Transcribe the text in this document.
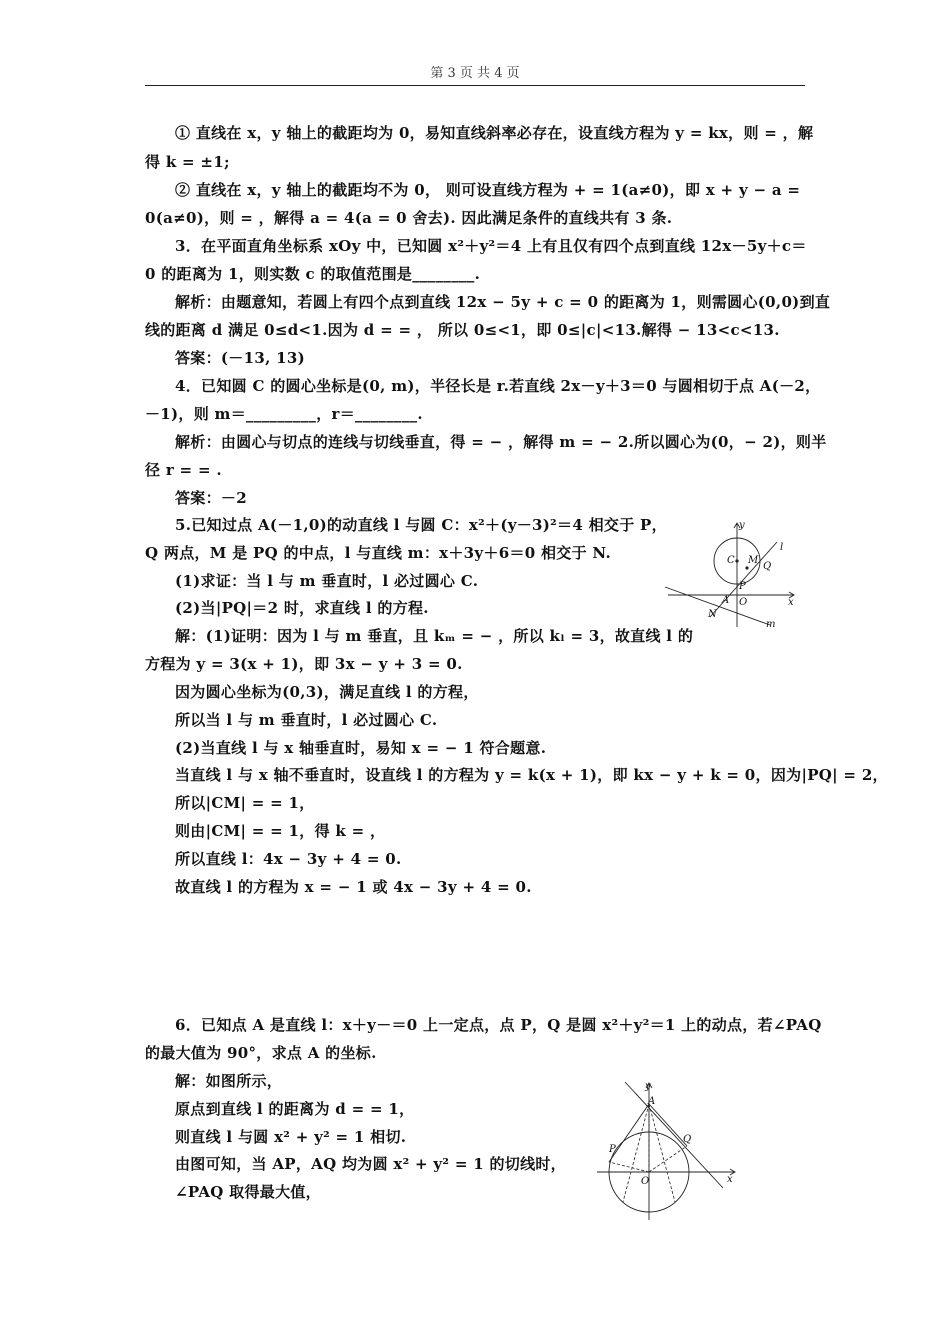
第 3 页 共 4 页
① 直线在 x，y 轴上的截距均为 0，易知直线斜率必存在，设直线方程为 y = kx，则 = ，解
得 k = ±1;
② 直线在 x，y 轴上的截距均不为 0， 则可设直线方程为 + = 1(a≠0)，即 x + y − a =
0(a≠0)，则 = ，解得 a = 4(a = 0 舍去). 因此满足条件的直线共有 3 条.
3．在平面直角坐标系 xOy 中，已知圆 x²＋y²＝4 上有且仅有四个点到直线 12x－5y＋c＝
0 的距离为 1，则实数 c 的取值范围是________.
解析：由题意知，若圆上有四个点到直线 12x − 5y + c = 0 的距离为 1，则需圆心(0,0)到直
线的距离 d 满足 0≤d<1.因为 d = = ， 所以 0≤<1，即 0≤|c|<13.解得 − 13<c<13.
答案：(－13, 13)
4．已知圆 C 的圆心坐标是(0, m)，半径长是 r.若直线 2x－y＋3＝0 与圆相切于点 A(－2，
－1)，则 m＝_________，r＝________.
解析：由圆心与切点的连线与切线垂直，得 = − ，解得 m = − 2.所以圆心为(0，− 2)，则半
径 r = = .
答案：－2
5.已知过点 A(－1,0)的动直线 l 与圆 C：x²＋(y－3)²＝4 相交于 P，
Q 两点，M 是 PQ 的中点，l 与直线 m：x＋3y＋6＝0 相交于 N.
(1)求证：当 l 与 m 垂直时，l 必过圆心 C.
(2)当|PQ|＝2 时，求直线 l 的方程.
解：(1)证明：因为 l 与 m 垂直，且 kₘ = − ，所以 kₗ = 3，故直线 l 的
方程为 y = 3(x + 1)，即 3x − y + 3 = 0.
因为圆心坐标为(0,3)，满足直线 l 的方程，
所以当 l 与 m 垂直时，l 必过圆心 C.
(2)当直线 l 与 x 轴垂直时，易知 x = − 1 符合题意.
当直线 l 与 x 轴不垂直时，设直线 l 的方程为 y = k(x + 1)，即 kx − y + k = 0，因为|PQ| = 2，
所以|CM| = = 1，
则由|CM| = = 1，得 k = ，
所以直线 l：4x − 3y + 4 = 0.
故直线 l 的方程为 x = − 1 或 4x − 3y + 4 = 0.
6．已知点 A 是直线 l：x＋y－＝0 上一定点，点 P，Q 是圆 x²＋y²＝1 上的动点，若∠PAQ
的最大值为 90°，求点 A 的坐标.
解：如图所示，
原点到直线 l 的距离为 d = = 1，
则直线 l 与圆 x² + y² = 1 相切.
由图可知，当 AP，AQ 均为圆 x² + y² = 1 的切线时，
∠PAQ 取得最大值，
y
l
C M
Q
P
A O	x
N
m
y
A
P
Q
O	x
